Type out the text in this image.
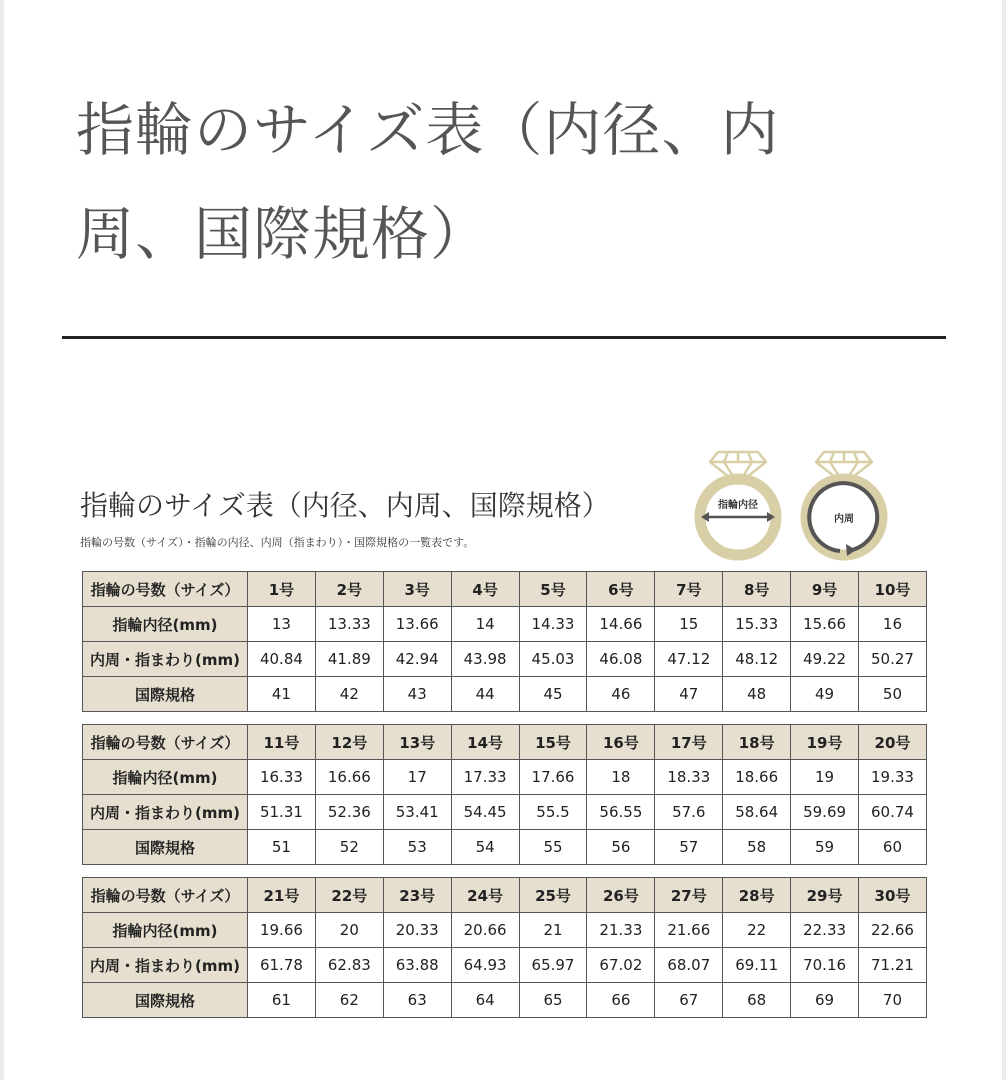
指輪のサイズ表（内径、内
周、国際規格）
指輪のサイズ表（内径、内周、国際規格）
指輪の号数（サイズ）・指輪の内径、内周（指まわり）・国際規格の一覧表です。
指輪内径
内周
指輪の号数（サイズ）	1号	2号	3号	4号	5号	6号	7号	8号	9号	10号
指輪内径(mm)	13	13.33	13.66	14	14.33	14.66	15	15.33	15.66	16
内周・指まわり(mm)	40.84	41.89	42.94	43.98	45.03	46.08	47.12	48.12	49.22	50.27
国際規格	41	42	43	44	45	46	47	48	49	50
指輪の号数（サイズ）	11号	12号	13号	14号	15号	16号	17号	18号	19号	20号
指輪内径(mm)	16.33	16.66	17	17.33	17.66	18	18.33	18.66	19	19.33
内周・指まわり(mm)	51.31	52.36	53.41	54.45	55.5	56.55	57.6	58.64	59.69	60.74
国際規格	51	52	53	54	55	56	57	58	59	60
指輪の号数（サイズ）	21号	22号	23号	24号	25号	26号	27号	28号	29号	30号
指輪内径(mm)	19.66	20	20.33	20.66	21	21.33	21.66	22	22.33	22.66
内周・指まわり(mm)	61.78	62.83	63.88	64.93	65.97	67.02	68.07	69.11	70.16	71.21
国際規格	61	62	63	64	65	66	67	68	69	70
